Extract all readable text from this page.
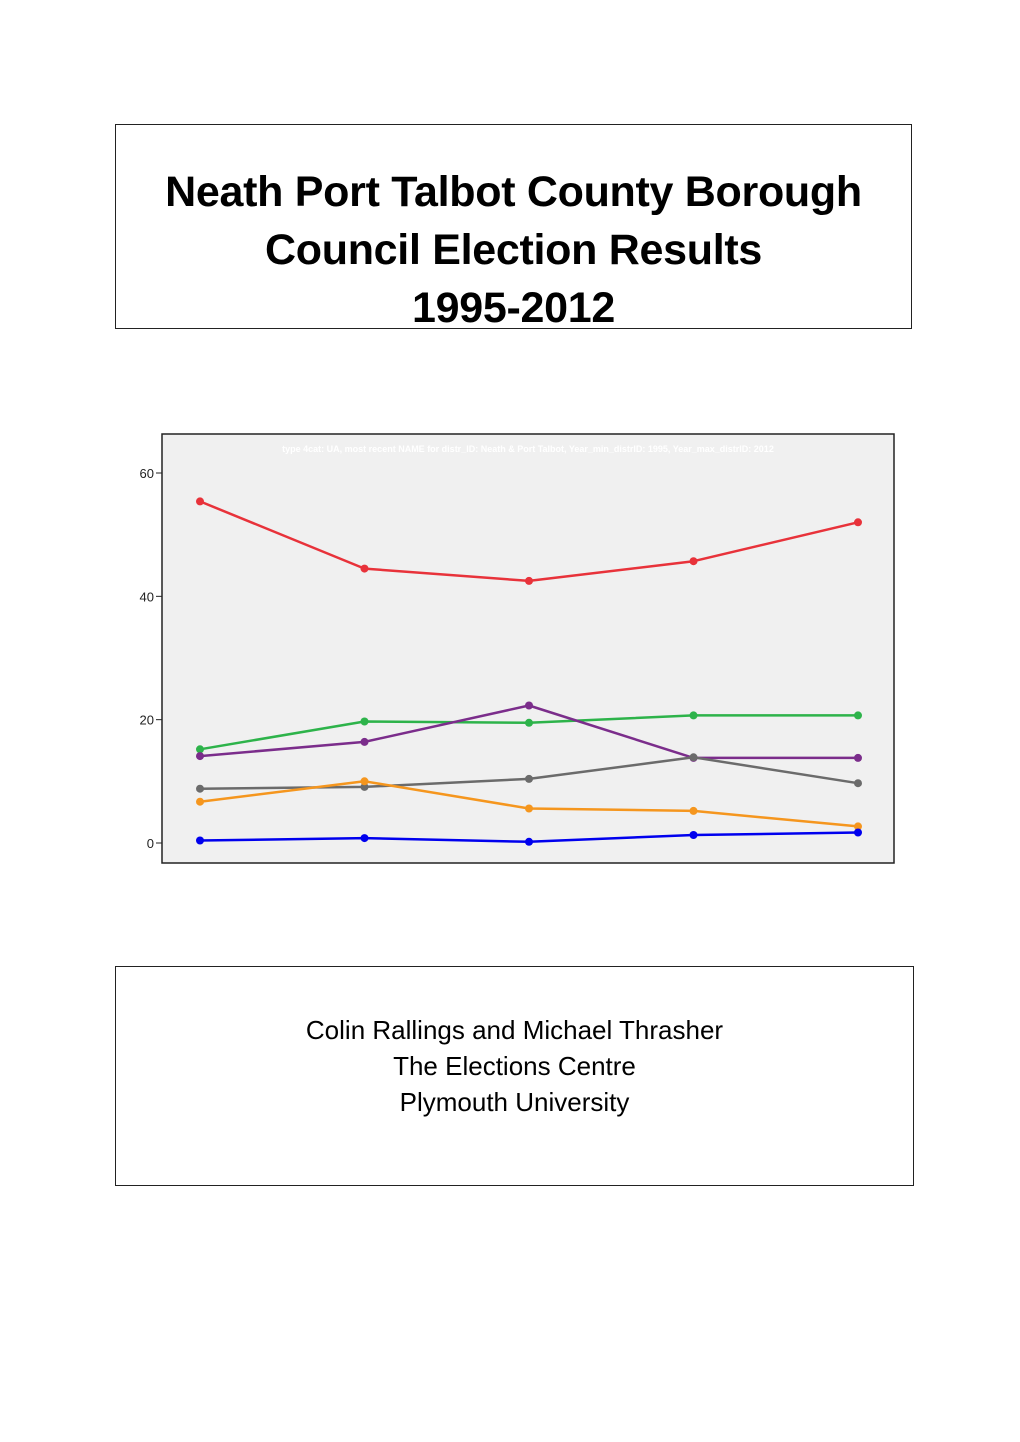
Neath Port Talbot County Borough
Council Election Results
1995-2012
type 4cat: UA, most recent NAME for distr_ID: Neath & Port Talbot, Year_min_distrID: 1995, Year_max_distrID: 2012
0
20
40
60
Colin Rallings and Michael Thrasher
The Elections Centre
Plymouth University
